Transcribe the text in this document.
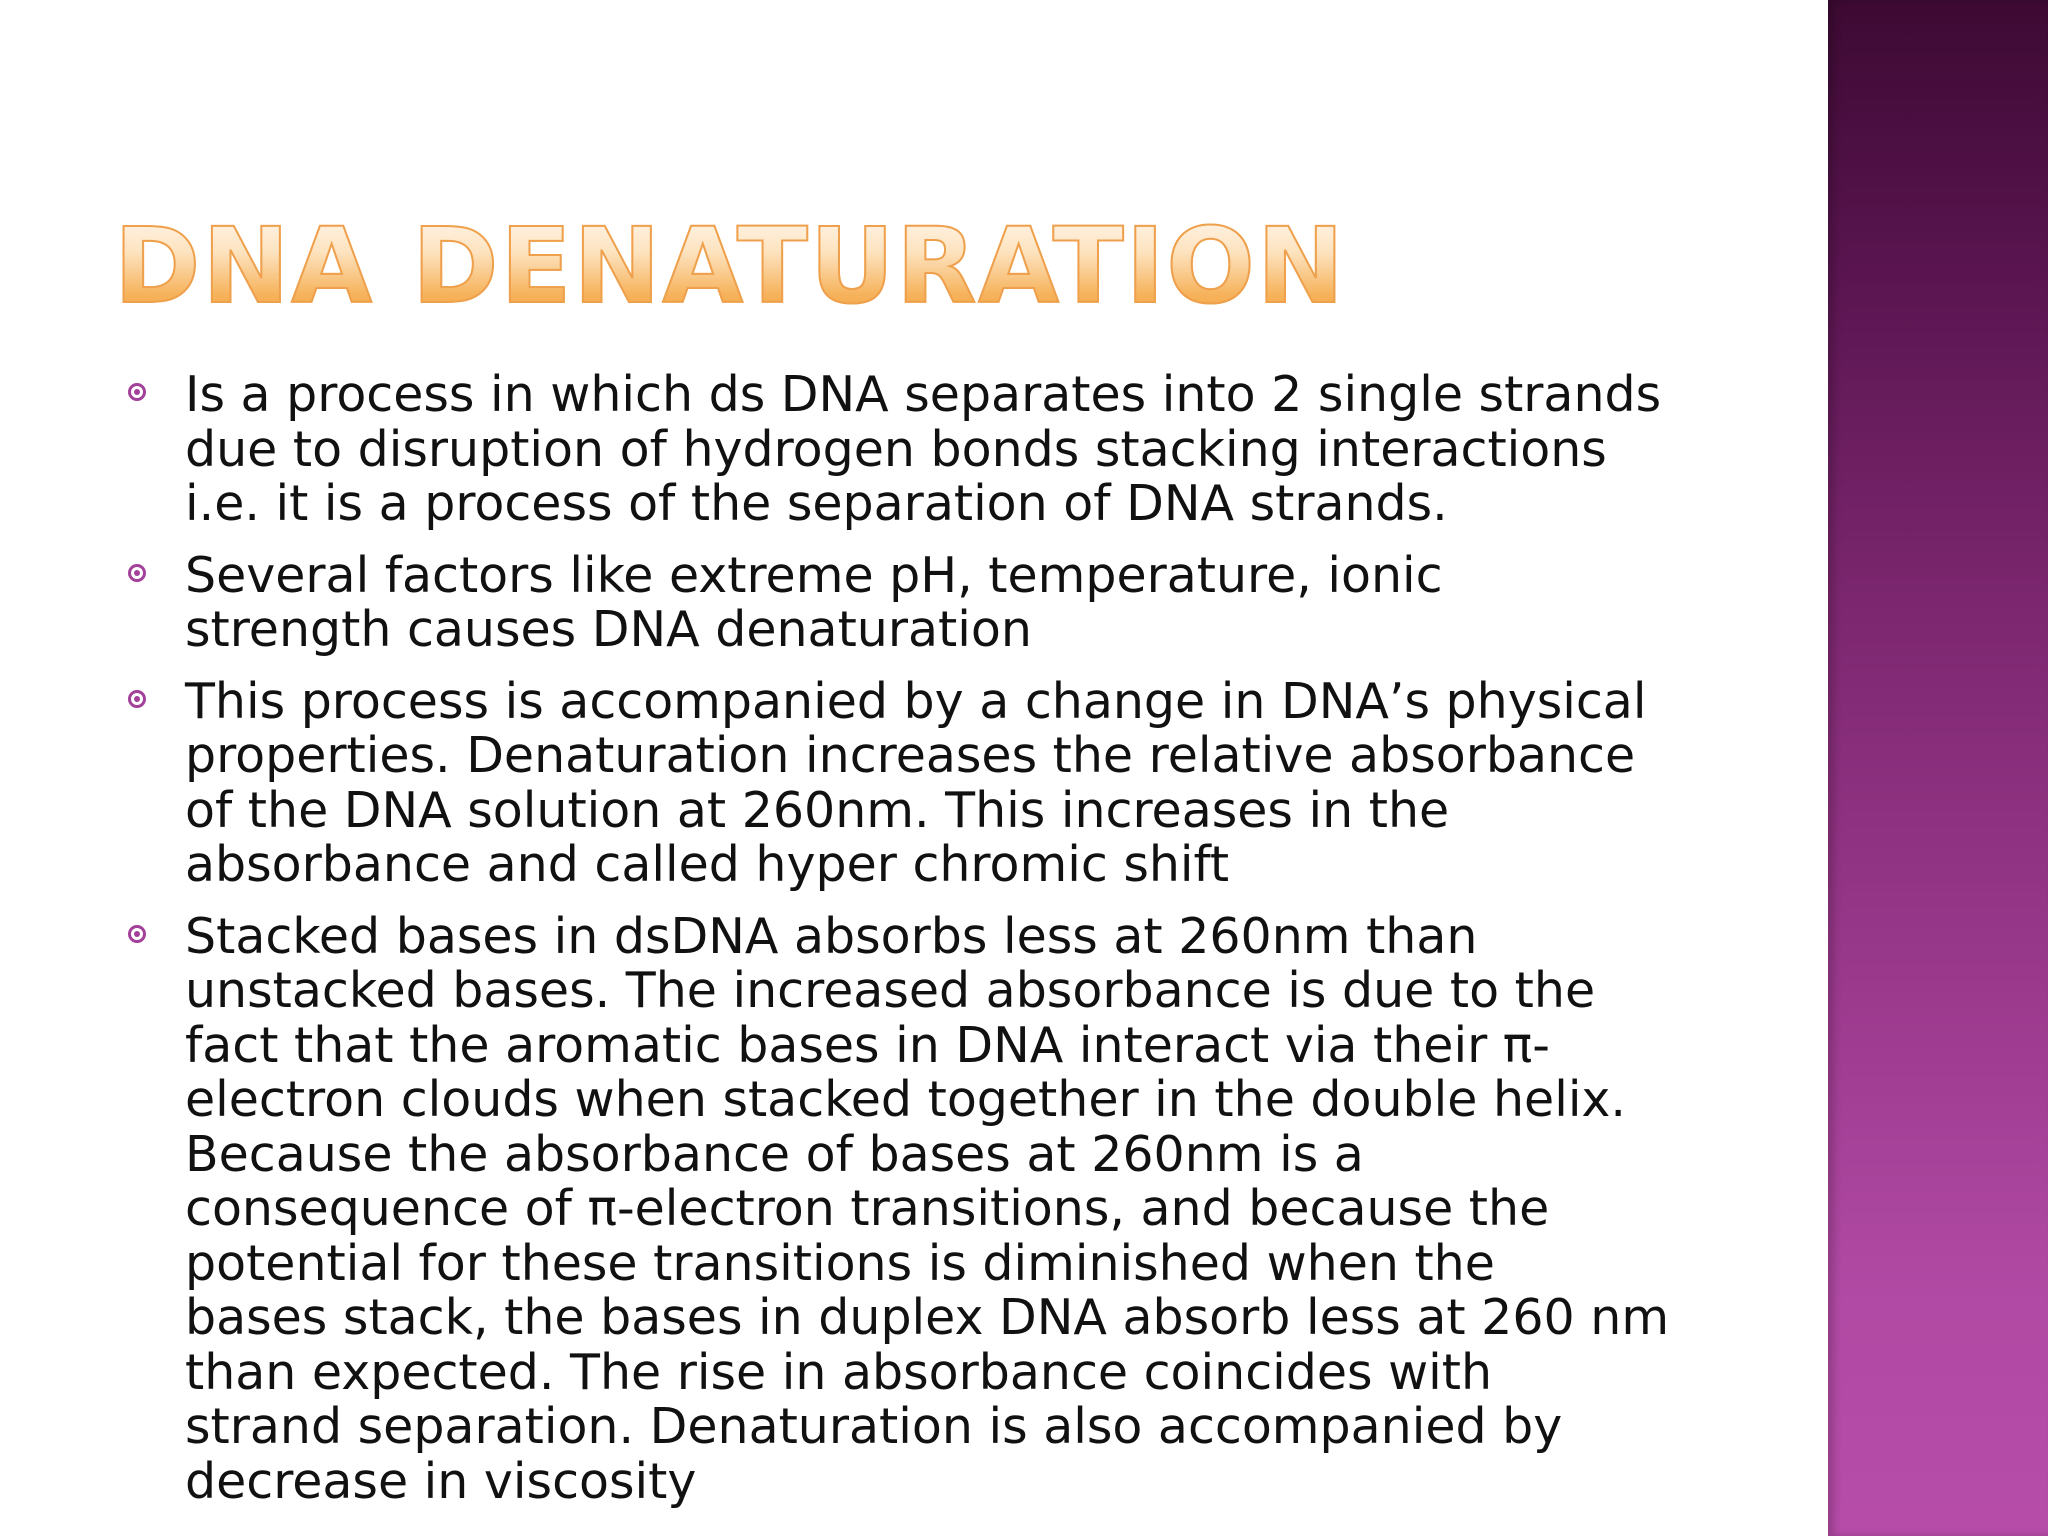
DNA DENATURATION
Is a process in which ds DNA separates into 2 single strands
due to disruption of hydrogen bonds stacking interactions
i.e. it is a process of the separation of DNA strands.
Several factors like extreme pH, temperature, ionic
strength causes DNA denaturation
This process is accompanied by a change in DNA’s physical
properties. Denaturation increases the relative absorbance
of the DNA solution at 260nm. This increases in the
absorbance and called hyper chromic shift
Stacked bases in dsDNA absorbs less at 260nm than
unstacked bases. The increased absorbance is due to the
fact that the aromatic bases in DNA interact via their π-
electron clouds when stacked together in the double helix.
Because the absorbance of bases at 260nm is a
consequence of π-electron transitions, and because the
potential for these transitions is diminished when the
bases stack, the bases in duplex DNA absorb less at 260 nm
than expected. The rise in absorbance coincides with
strand separation. Denaturation is also accompanied by
decrease in viscosity
